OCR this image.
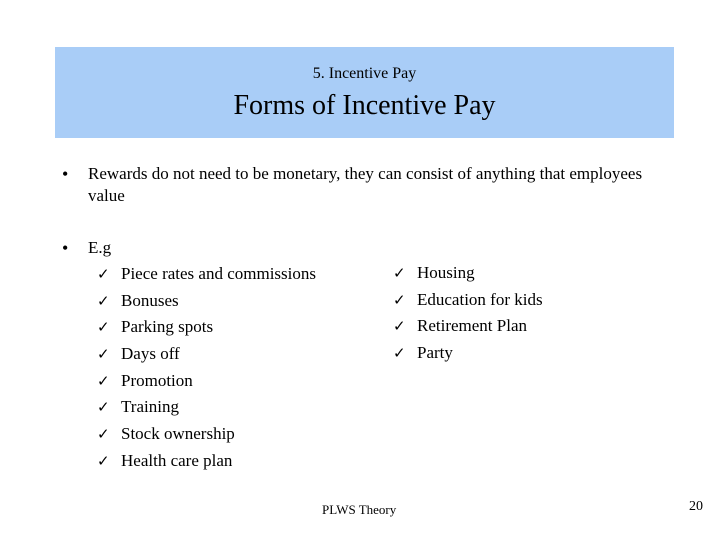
5. Incentive Pay
Forms of Incentive Pay
• Rewards do not need to be monetary, they can consist of anything that employees value
• E.g
✓ Piece rates and commissions
✓ Bonuses
✓ Parking spots
✓ Days off
✓ Promotion
✓ Training
✓ Stock ownership
✓ Health care plan
✓ Housing
✓ Education for kids
✓ Retirement Plan
✓ Party
PLWS Theory	20
